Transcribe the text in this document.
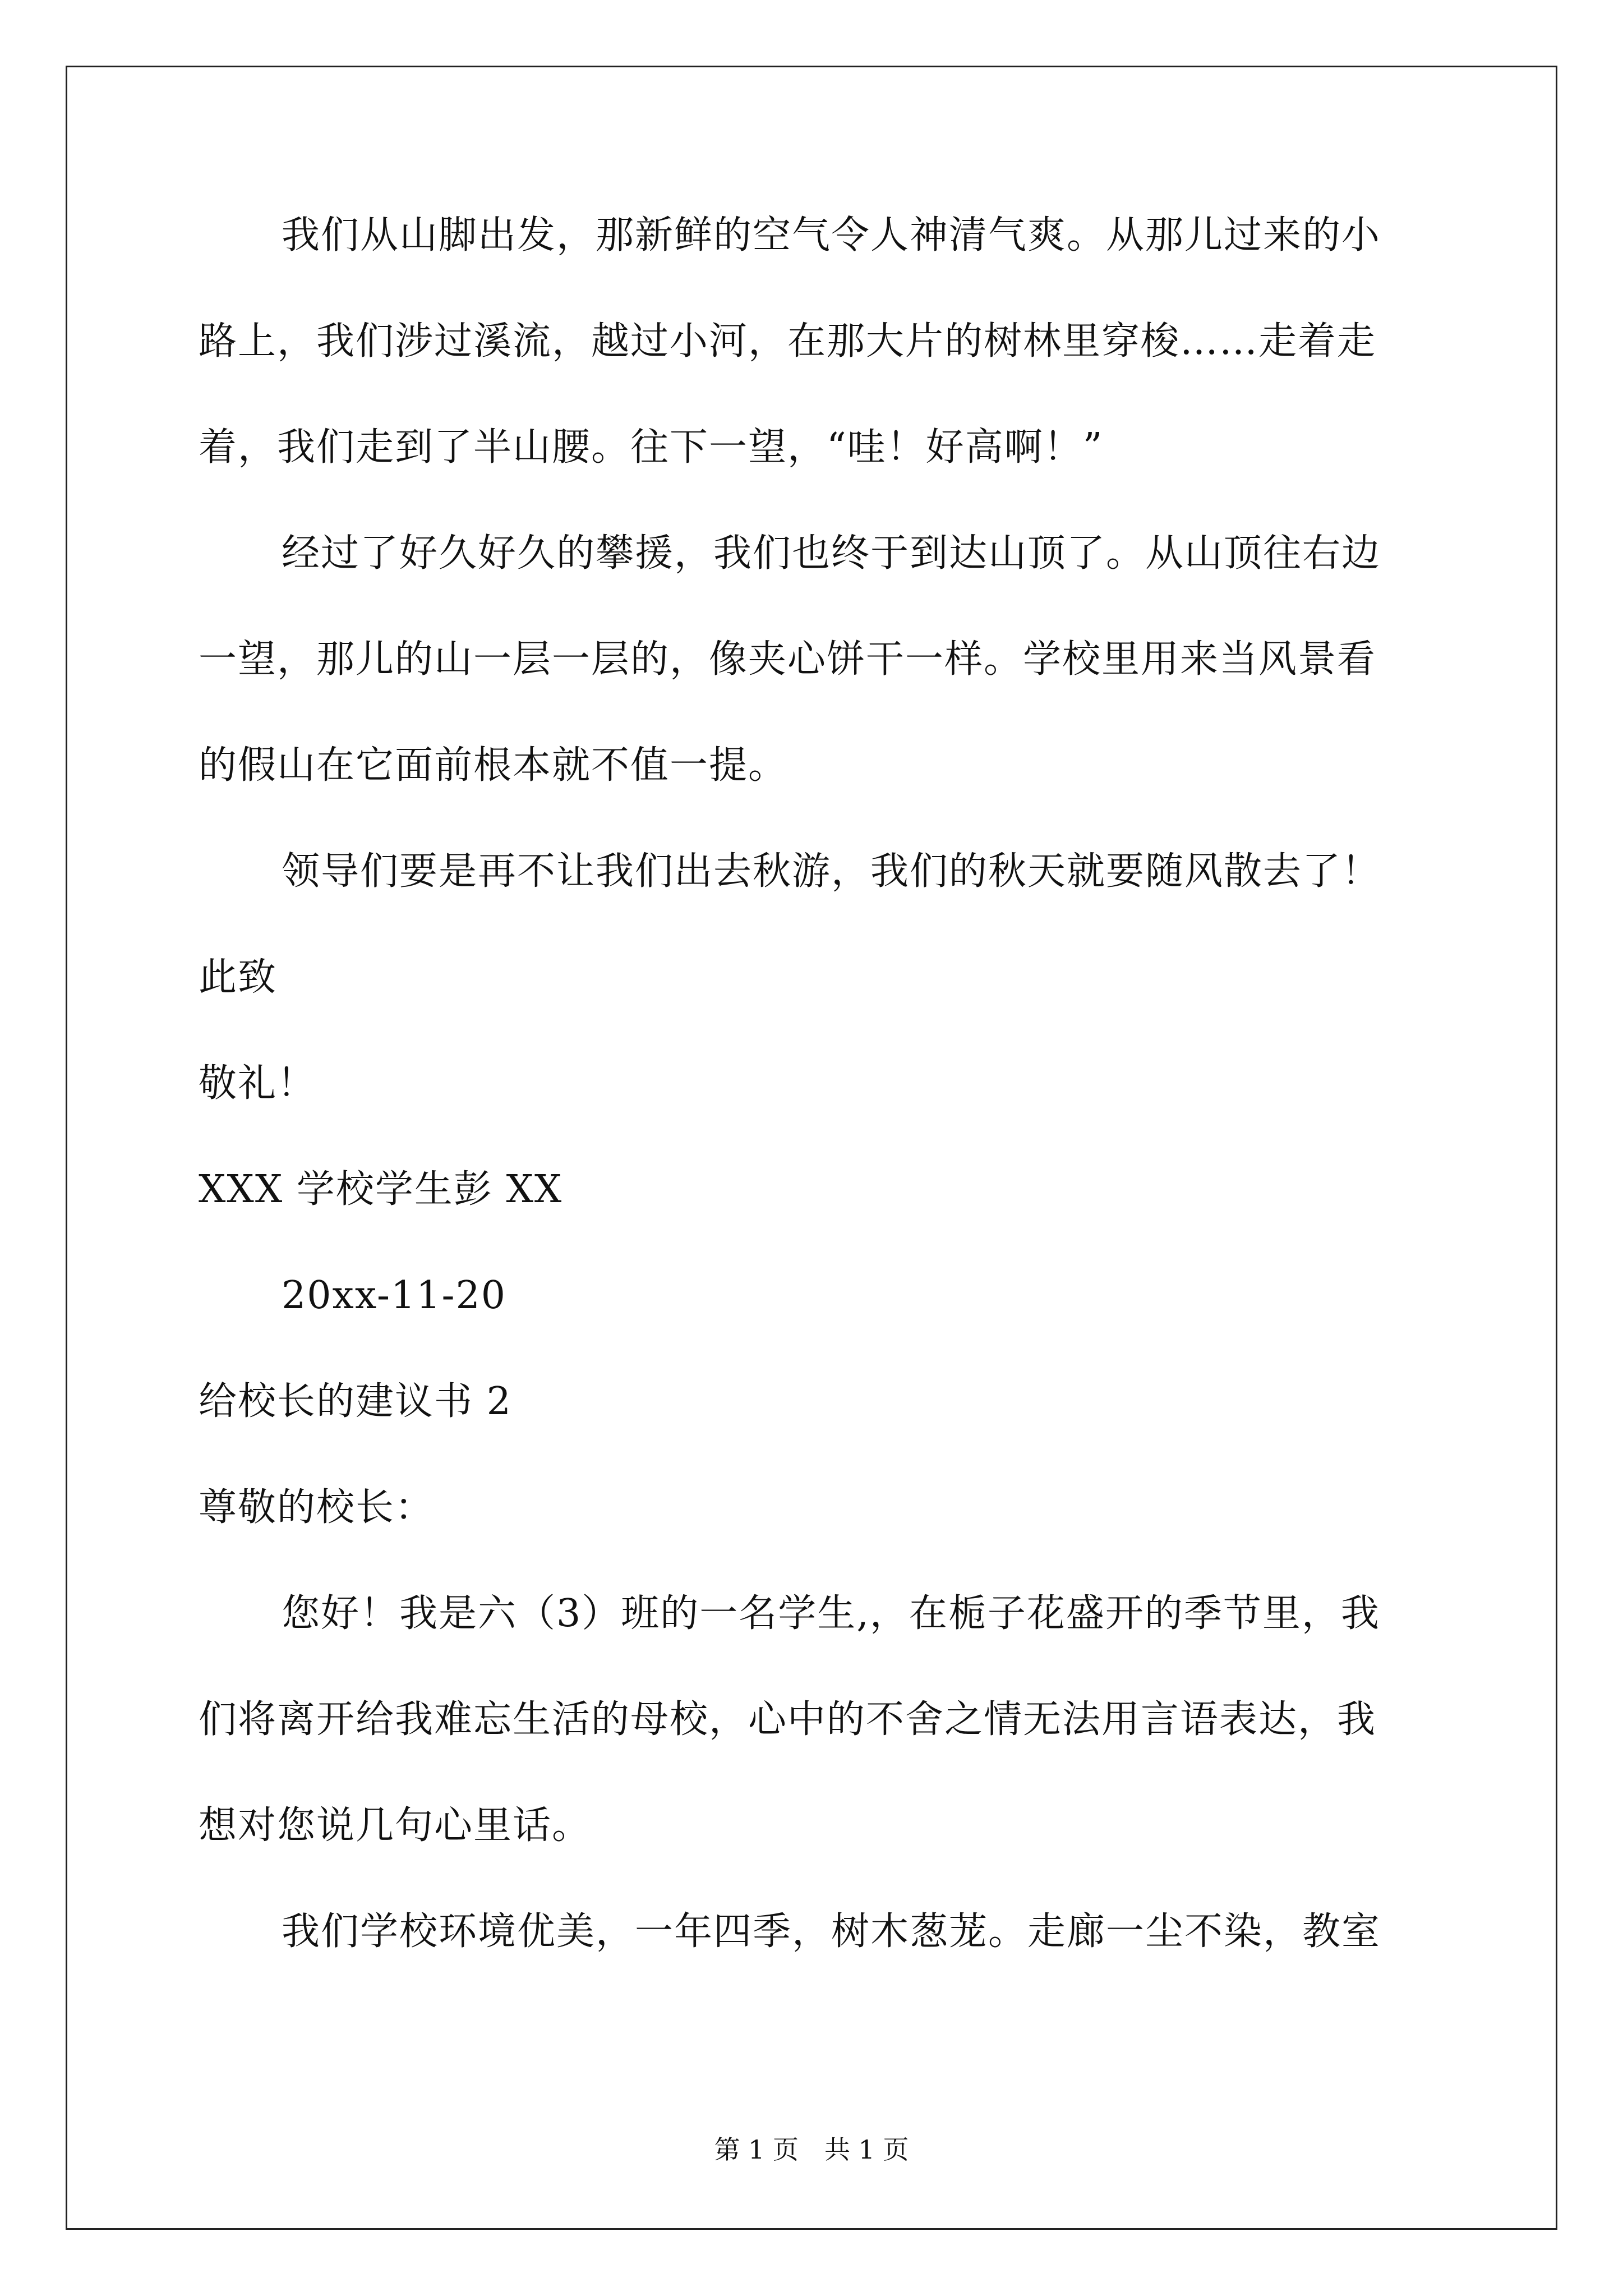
我们从山脚出发，那新鲜的空气令人神清气爽。从那儿过来的小
路上，我们涉过溪流，越过小河，在那大片的树林里穿梭……走着走
着，我们走到了半山腰。往下一望，“哇！好高啊！”
经过了好久好久的攀援，我们也终于到达山顶了。从山顶往右边
一望，那儿的山一层一层的，像夹心饼干一样。学校里用来当风景看
的假山在它面前根本就不值一提。
领导们要是再不让我们出去秋游，我们的秋天就要随风散去了！
此致
敬礼！
XXX 学校学生彭 XX
20xx-11-20
给校长的建议书 2
尊敬的校长：
您好！我是六（3）班的一名学生,，在栀子花盛开的季节里，我
们将离开给我难忘生活的母校，心中的不舍之情无法用言语表达，我
想对您说几句心里话。
我们学校环境优美，一年四季，树木葱茏。走廊一尘不染，教室
第 1 页　共 1 页
